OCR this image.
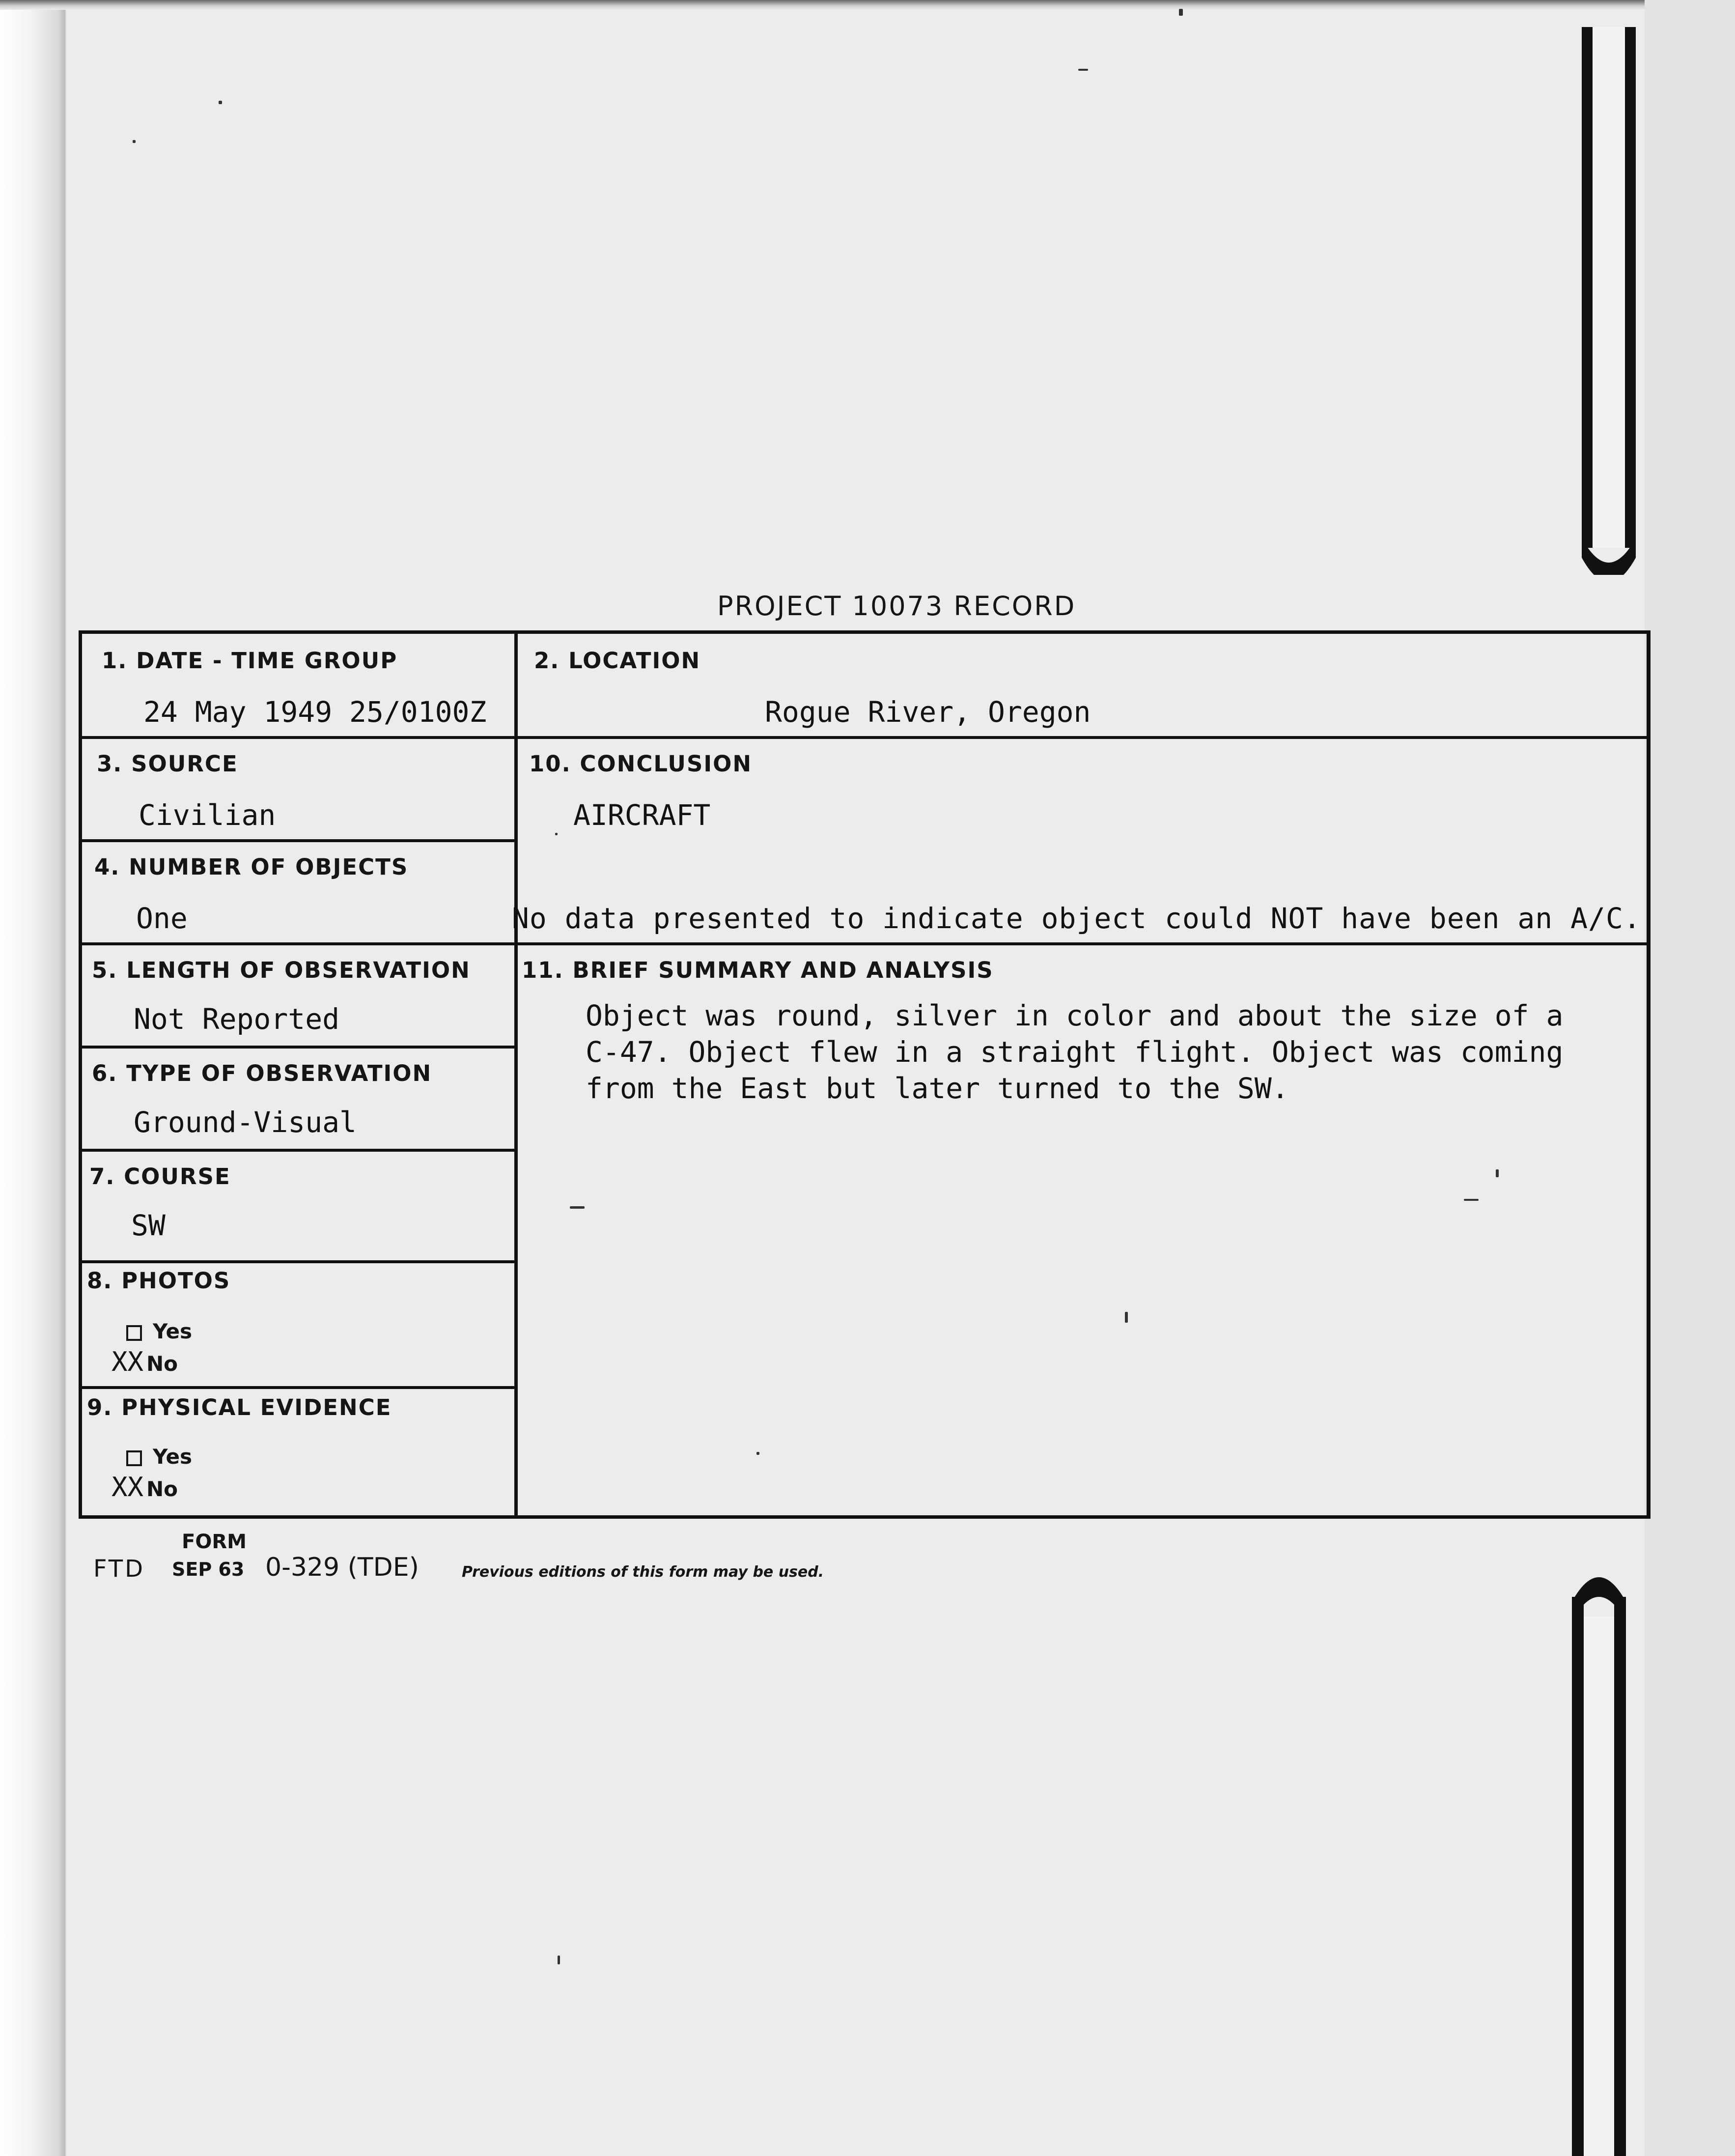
PROJECT 10073 RECORD
1. DATE - TIME GROUP
24 May 1949 25/0100Z
2. LOCATION
Rogue River, Oregon
3. SOURCE
Civilian
10. CONCLUSION
AIRCRAFT
No data presented to indicate object could NOT have been an A/C.
4. NUMBER OF OBJECTS
One
5. LENGTH OF OBSERVATION
Not Reported
11. BRIEF SUMMARY AND ANALYSIS
Object was round, silver in color and about the size of a
C-47. Object flew in a straight flight. Object was coming
from the East but later turned to the SW.
6. TYPE OF OBSERVATION
Ground-Visual
7. COURSE
SW
8. PHOTOS
Yes
XX No
9. PHYSICAL EVIDENCE
Yes
XX No
FORM
FTD SEP 63 0-329 (TDE)	Previous editions of this form may be used.
